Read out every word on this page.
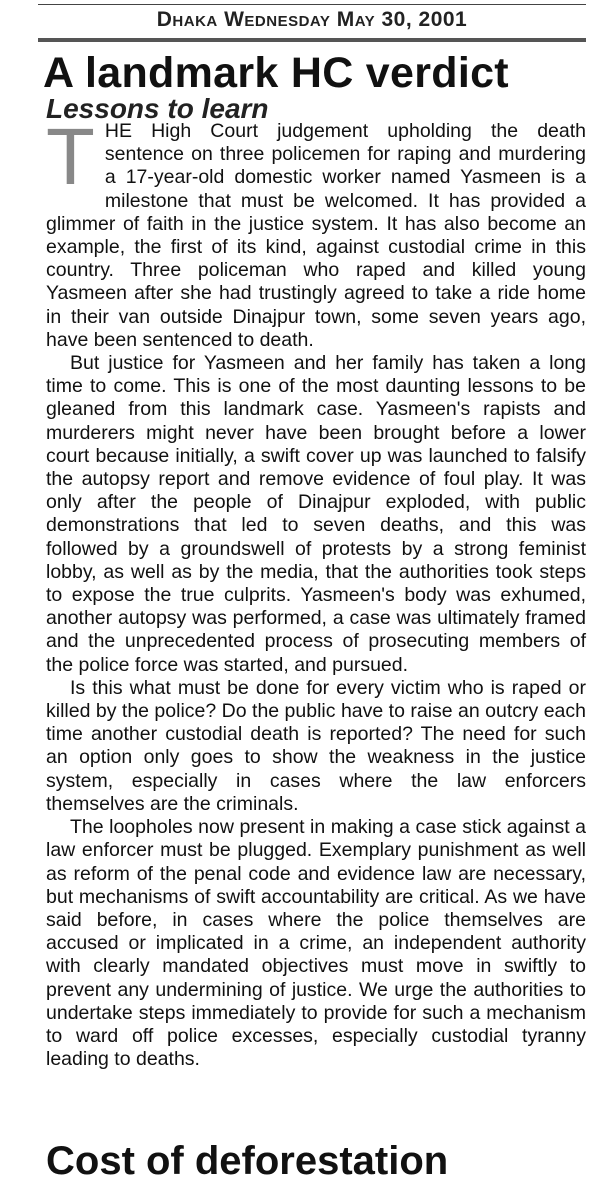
Dhaka Wednesday May 30, 2001
A landmark HC verdict
Lessons to learn

THE High Court judgement upholding the death sentence on three policemen for raping and murdering a 17-year-old domestic worker named Yasmeen is a milestone that must be welcomed. It has provided a glimmer of faith in the justice system. It has also become an example, the first of its kind, against custodial crime in this country. Three policeman who raped and killed young Yasmeen after she had trustingly agreed to take a ride home in their van outside Dinajpur town, some seven years ago, have been sentenced to death.

But justice for Yasmeen and her family has taken a long time to come. This is one of the most daunting lessons to be gleaned from this landmark case. Yasmeen's rapists and murderers might never have been brought before a lower court because initially, a swift cover up was launched to falsify the autopsy report and remove evidence of foul play. It was only after the people of Dinajpur exploded, with public demonstrations that led to seven deaths, and this was followed by a groundswell of protests by a strong feminist lobby, as well as by the media, that the authorities took steps to expose the true culprits. Yasmeen's body was exhumed, another autopsy was performed, a case was ultimately framed and the unprecedented process of prosecuting members of the police force was started, and pursued.

Is this what must be done for every victim who is raped or killed by the police? Do the public have to raise an outcry each time another custodial death is reported? The need for such an option only goes to show the weakness in the justice system, especially in cases where the law enforcers themselves are the criminals.

The loopholes now present in making a case stick against a law enforcer must be plugged. Exemplary punishment as well as reform of the penal code and evidence law are necessary, but mechanisms of swift accountability are critical. As we have said before, in cases where the police themselves are accused or implicated in a crime, an independent authority with clearly mandated objectives must move in swiftly to prevent any undermining of justice. We urge the authorities to undertake steps immediately to provide for such a mechanism to ward off police excesses, especially custodial tyranny leading to deaths.

Cost of deforestation
